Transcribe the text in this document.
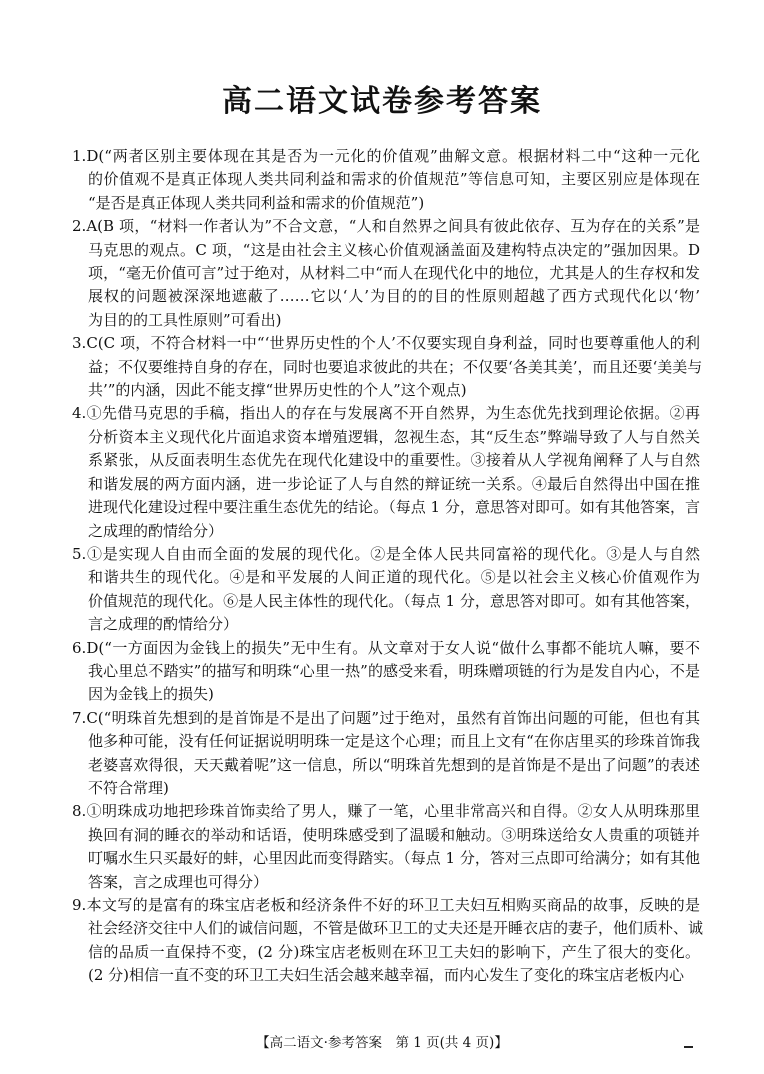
高二语文试卷参考答案
1.D(“两者区别主要体现在其是否为一元化的价值观”曲解文意。根据材料二中“这种一元化
的价值观不是真正体现人类共同利益和需求的价值规范”等信息可知，主要区别应是体现在
“是否是真正体现人类共同利益和需求的价值规范”)
2.A(B 项，“材料一作者认为”不合文意，“人和自然界之间具有彼此依存、互为存在的关系”是
马克思的观点。C 项，“这是由社会主义核心价值观涵盖面及建构特点决定的”强加因果。D
项，“毫无价值可言”过于绝对，从材料二中“而人在现代化中的地位，尤其是人的生存权和发
展权的问题被深深地遮蔽了……它以‘人’为目的的目的性原则超越了西方式现代化以‘物’
为目的的工具性原则”可看出)
3.C(C 项，不符合材料一中“‘世界历史性的个人’不仅要实现自身利益，同时也要尊重他人的利
益；不仅要维持自身的存在，同时也要追求彼此的共在；不仅要‘各美其美’，而且还要‘美美与
共’”的内涵，因此不能支撑“世界历史性的个人”这个观点)
4.①先借马克思的手稿，指出人的存在与发展离不开自然界，为生态优先找到理论依据。②再
分析资本主义现代化片面追求资本增殖逻辑，忽视生态，其“反生态”弊端导致了人与自然关
系紧张，从反面表明生态优先在现代化建设中的重要性。③接着从人学视角阐释了人与自然
和谐发展的两方面内涵，进一步论证了人与自然的辩证统一关系。④最后自然得出中国在推
进现代化建设过程中要注重生态优先的结论。（每点 1 分，意思答对即可。如有其他答案，言
之成理的酌情给分）
5.①是实现人自由而全面的发展的现代化。②是全体人民共同富裕的现代化。③是人与自然
和谐共生的现代化。④是和平发展的人间正道的现代化。⑤是以社会主义核心价值观作为
价值规范的现代化。⑥是人民主体性的现代化。（每点 1 分，意思答对即可。如有其他答案，
言之成理的酌情给分）
6.D(“一方面因为金钱上的损失”无中生有。从文章对于女人说“做什么事都不能坑人嘛，要不
我心里总不踏实”的描写和明珠“心里一热”的感受来看，明珠赠项链的行为是发自内心，不是
因为金钱上的损失)
7.C(“明珠首先想到的是首饰是不是出了问题”过于绝对，虽然有首饰出问题的可能，但也有其
他多种可能，没有任何证据说明明珠一定是这个心理；而且上文有“在你店里买的珍珠首饰我
老婆喜欢得很，天天戴着呢”这一信息，所以“明珠首先想到的是首饰是不是出了问题”的表述
不符合常理)
8.①明珠成功地把珍珠首饰卖给了男人，赚了一笔，心里非常高兴和自得。②女人从明珠那里
换回有洞的睡衣的举动和话语，使明珠感受到了温暖和触动。③明珠送给女人贵重的项链并
叮嘱水生只买最好的蚌，心里因此而变得踏实。（每点 1 分，答对三点即可给满分；如有其他
答案，言之成理也可得分）
9.本文写的是富有的珠宝店老板和经济条件不好的环卫工夫妇互相购买商品的故事，反映的是
社会经济交往中人们的诚信问题，不管是做环卫工的丈夫还是开睡衣店的妻子，他们质朴、诚
信的品质一直保持不变，(2 分)珠宝店老板则在环卫工夫妇的影响下，产生了很大的变化。
(2 分)相信一直不变的环卫工夫妇生活会越来越幸福，而内心发生了变化的珠宝店老板内心
【高二语文·参考答案　第 1 页(共 4 页)】
